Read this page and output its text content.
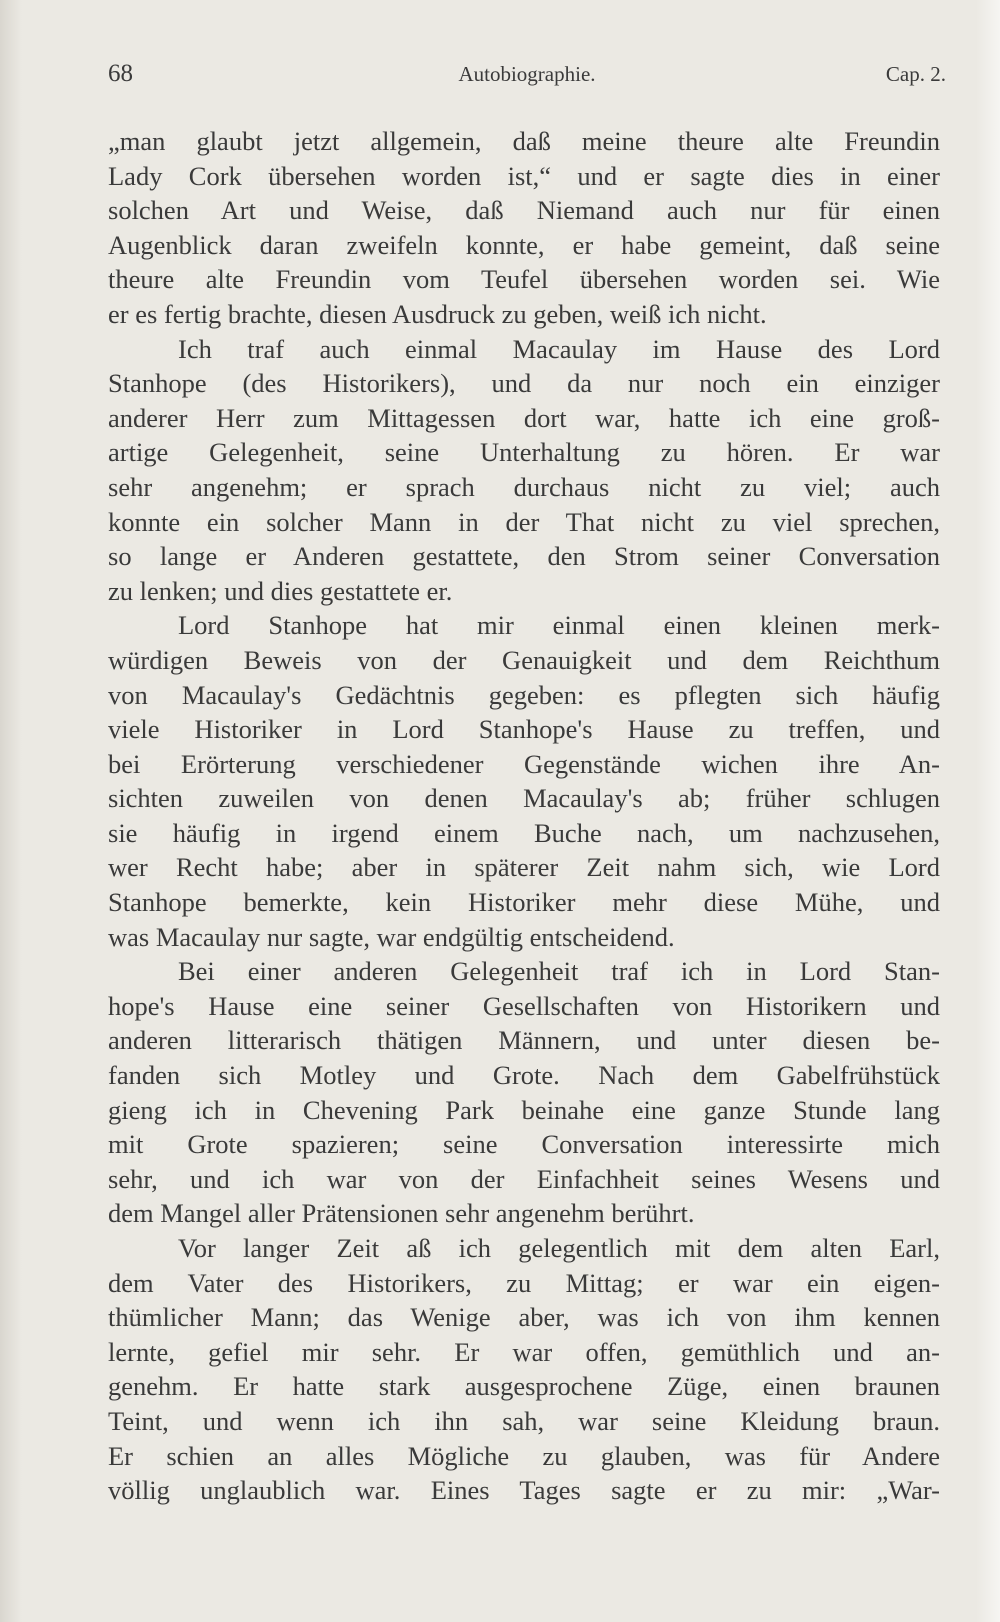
68	Autobiographie.	Cap. 2.
„man glaubt jetzt allgemein, daß meine theure alte Freundin
Lady Cork übersehen worden ist,“ und er sagte dies in einer
solchen Art und Weise, daß Niemand auch nur für einen
Augenblick daran zweifeln konnte, er habe gemeint, daß seine
theure alte Freundin vom Teufel übersehen worden sei. Wie
er es fertig brachte, diesen Ausdruck zu geben, weiß ich nicht.
Ich traf auch einmal Macaulay im Hause des Lord
Stanhope (des Historikers), und da nur noch ein einziger
anderer Herr zum Mittagessen dort war, hatte ich eine groß-
artige Gelegenheit, seine Unterhaltung zu hören. Er war
sehr angenehm; er sprach durchaus nicht zu viel; auch
konnte ein solcher Mann in der That nicht zu viel sprechen,
so lange er Anderen gestattete, den Strom seiner Conversation
zu lenken; und dies gestattete er.
Lord Stanhope hat mir einmal einen kleinen merk-
würdigen Beweis von der Genauigkeit und dem Reichthum
von Macaulay's Gedächtnis gegeben: es pflegten sich häufig
viele Historiker in Lord Stanhope's Hause zu treffen, und
bei Erörterung verschiedener Gegenstände wichen ihre An-
sichten zuweilen von denen Macaulay's ab; früher schlugen
sie häufig in irgend einem Buche nach, um nachzusehen,
wer Recht habe; aber in späterer Zeit nahm sich, wie Lord
Stanhope bemerkte, kein Historiker mehr diese Mühe, und
was Macaulay nur sagte, war endgültig entscheidend.
Bei einer anderen Gelegenheit traf ich in Lord Stan-
hope's Hause eine seiner Gesellschaften von Historikern und
anderen litterarisch thätigen Männern, und unter diesen be-
fanden sich Motley und Grote. Nach dem Gabelfrühstück
gieng ich in Chevening Park beinahe eine ganze Stunde lang
mit Grote spazieren; seine Conversation interessirte mich
sehr, und ich war von der Einfachheit seines Wesens und
dem Mangel aller Prätensionen sehr angenehm berührt.
Vor langer Zeit aß ich gelegentlich mit dem alten Earl,
dem Vater des Historikers, zu Mittag; er war ein eigen-
thümlicher Mann; das Wenige aber, was ich von ihm kennen
lernte, gefiel mir sehr. Er war offen, gemüthlich und an-
genehm. Er hatte stark ausgesprochene Züge, einen braunen
Teint, und wenn ich ihn sah, war seine Kleidung braun.
Er schien an alles Mögliche zu glauben, was für Andere
völlig unglaublich war. Eines Tages sagte er zu mir: „War-
